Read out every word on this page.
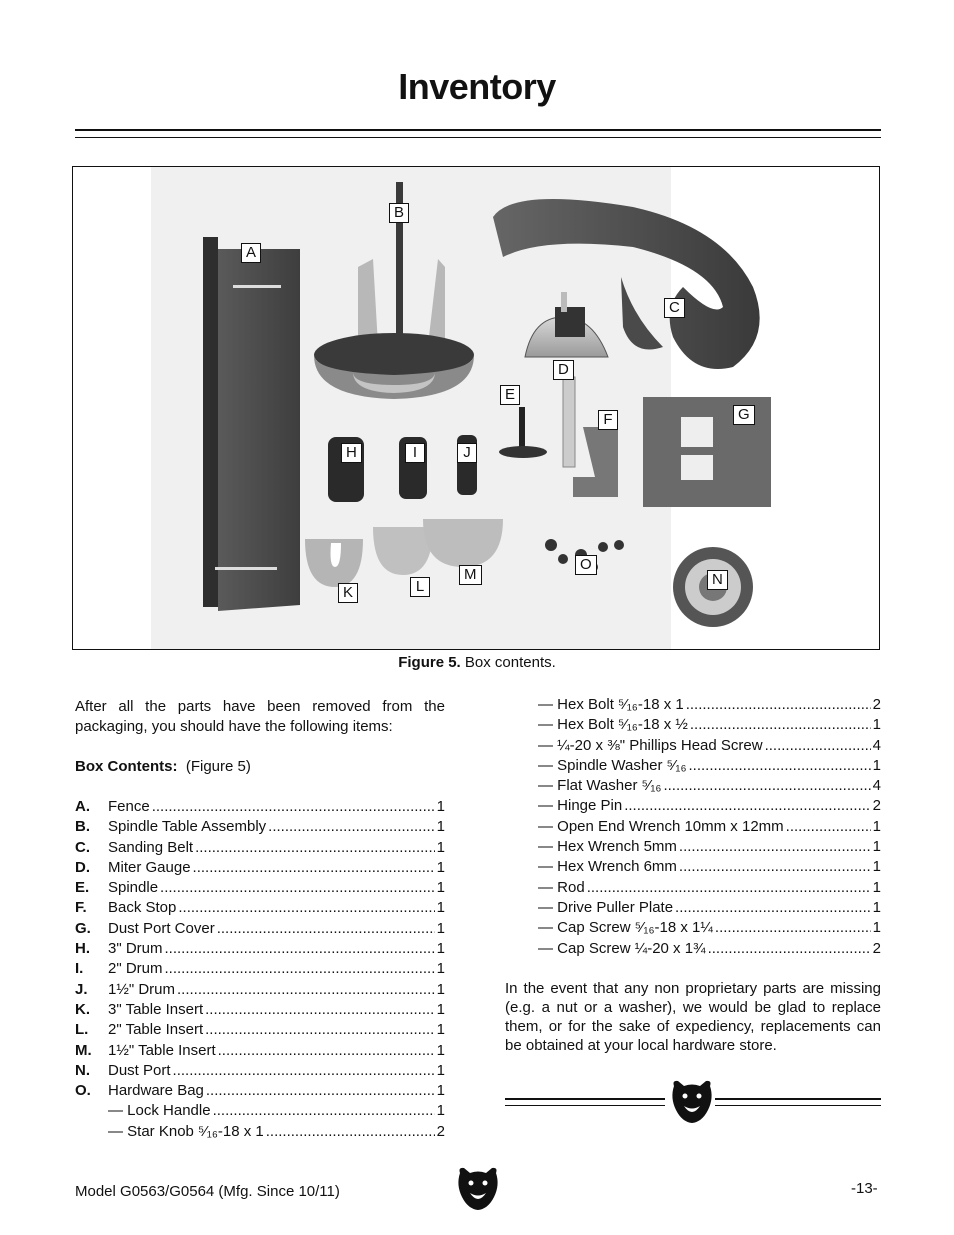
Inventory
A
B
C
D
E
F	G
H	I	J
K	L
M	N
O
Figure 5. Box contents.

After all the parts have been removed from the packaging, you should have the following items:

Box Contents: (Figure 5)
A.	Fence .....	1
B.	Spindle Table Assembly .....	1
C.	Sanding Belt .....	1
D.	Miter Gauge .....	1
E.	Spindle .....	1
F.	Back Stop .....	1
G.	Dust Port Cover .....	1
H.	3" Drum .....	1
I.	2" Drum .....	1
J.	1½" Drum .....	1
K.	3" Table Insert .....	1
L.	2" Table Insert .....	1
M.	1½" Table Insert .....	1
N.	Dust Port .....	1
O.	Hardware Bag .....	1
— Lock Handle .....	1
— Star Knob ⁵⁄₁₆-18 x 1 .....	2
— Hex Bolt ⁵⁄₁₆-18 x 1 .....	2
— Hex Bolt ⁵⁄₁₆-18 x ½ .....	1
— ¼-20 x ⅜" Phillips Head Screw .....	4
— Spindle Washer ⁵⁄₁₆ .....	1
— Flat Washer ⁵⁄₁₆ .....	4
— Hinge Pin .....	2
— Open End Wrench 10mm x 12mm .....	1
— Hex Wrench 5mm .....	1
— Hex Wrench 6mm .....	1
— Rod .....	1
— Drive Puller Plate .....	1
— Cap Screw ⁵⁄₁₆-18 x 1¼ .....	1
— Cap Screw ¼-20 x 1¾ .....	2

In the event that any non proprietary parts are missing (e.g. a nut or a washer), we would be glad to replace them, or for the sake of expediency, replacements can be obtained at your local hardware store.

Model G0563/G0564 (Mfg. Since 10/11)	-13-
